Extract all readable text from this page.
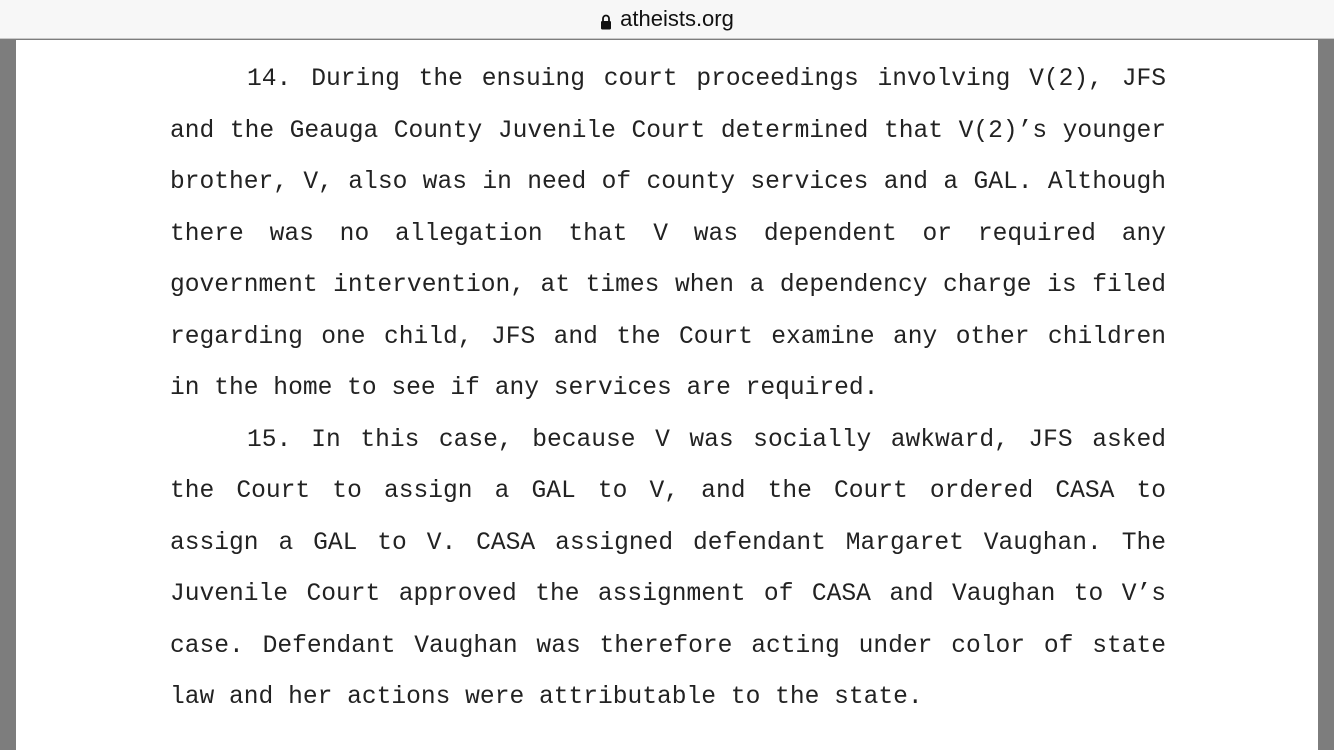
atheists.org

14. During the ensuing court proceedings involving V(2), JFS and the Geauga County Juvenile Court determined that V(2)’s younger brother, V, also was in need of county services and a GAL. Although there was no allegation that V was dependent or required any government intervention, at times when a dependency charge is filed regarding one child, JFS and the Court examine any other children in the home to see if any services are required.

15. In this case, because V was socially awkward, JFS asked the Court to assign a GAL to V, and the Court ordered CASA to assign a GAL to V. CASA assigned defendant Margaret Vaughan. The Juvenile Court approved the assignment of CASA and Vaughan to V’s case. Defendant Vaughan was therefore acting under color of state law and her actions were attributable to the state.
